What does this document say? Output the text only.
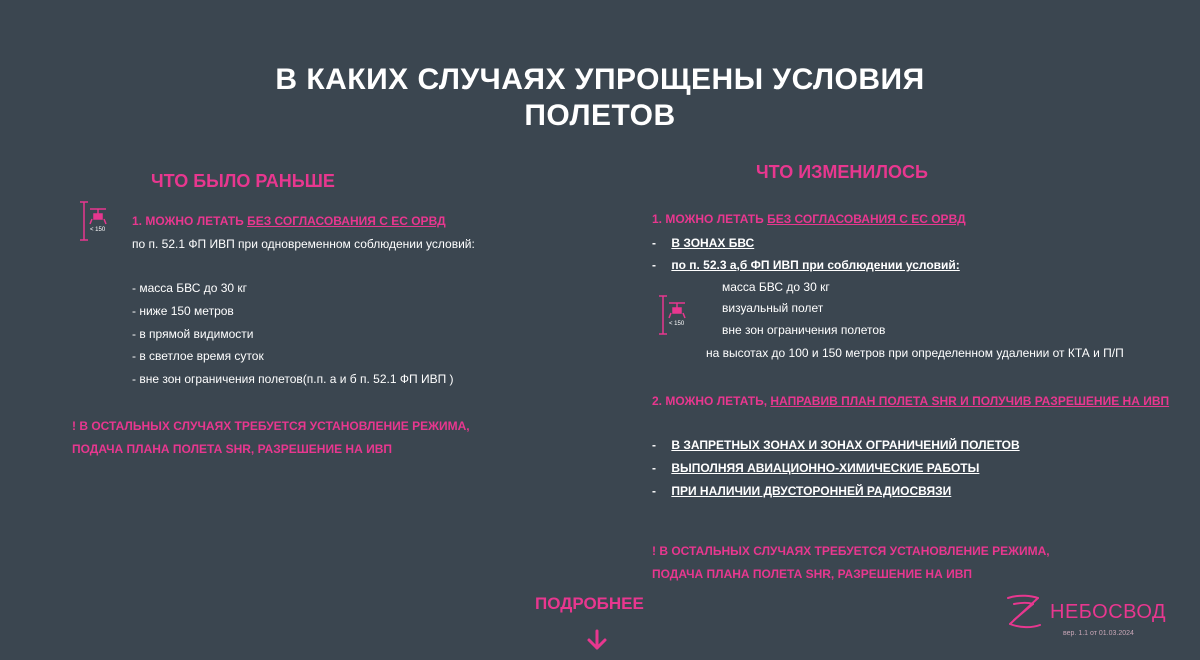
В КАКИХ СЛУЧАЯХ УПРОЩЕНЫ УСЛОВИЯ
ПОЛЕТОВ
ЧТО БЫЛО РАНЬШЕ
< 150
1. МОЖНО ЛЕТАТЬ БЕЗ СОГЛАСОВАНИЯ С ЕС ОРВД
по п. 52.1 ФП ИВП при одновременном соблюдении условий:
- масса БВС до 30 кг
- ниже 150 метров
- в прямой видимости
- в светлое время суток
- вне зон ограничения полетов(п.п. а и б п. 52.1 ФП ИВП )
! В ОСТАЛЬНЫХ СЛУЧАЯХ ТРЕБУЕТСЯ УСТАНОВЛЕНИЕ РЕЖИМА,
ПОДАЧА ПЛАНА ПОЛЕТА SHR, РАЗРЕШЕНИЕ НА ИВП
ЧТО ИЗМЕНИЛОСЬ
1. МОЖНО ЛЕТАТЬ БЕЗ СОГЛАСОВАНИЯ С ЕС ОРВД
- В ЗОНАХ БВС
- по п. 52.3 а,б ФП ИВП при соблюдении условий:
< 150
масса БВС до 30 кг
визуальный полет
вне зон ограничения полетов
на высотах до 100 и 150 метров при определенном удалении от КТА и П/П
2. МОЖНО ЛЕТАТЬ, НАПРАВИВ ПЛАН ПОЛЕТА SHR И ПОЛУЧИВ РАЗРЕШЕНИЕ НА ИВП
- В ЗАПРЕТНЫХ ЗОНАХ И ЗОНАХ ОГРАНИЧЕНИЙ ПОЛЕТОВ
- ВЫПОЛНЯЯ АВИАЦИОННО-ХИМИЧЕСКИЕ РАБОТЫ
- ПРИ НАЛИЧИИ ДВУСТОРОННЕЙ РАДИОСВЯЗИ
! В ОСТАЛЬНЫХ СЛУЧАЯХ ТРЕБУЕТСЯ УСТАНОВЛЕНИЕ РЕЖИМА,
ПОДАЧА ПЛАНА ПОЛЕТА SHR, РАЗРЕШЕНИЕ НА ИВП
ПОДРОБНЕЕ	НЕБОСВОД
вер. 1.1 от 01.03.2024
